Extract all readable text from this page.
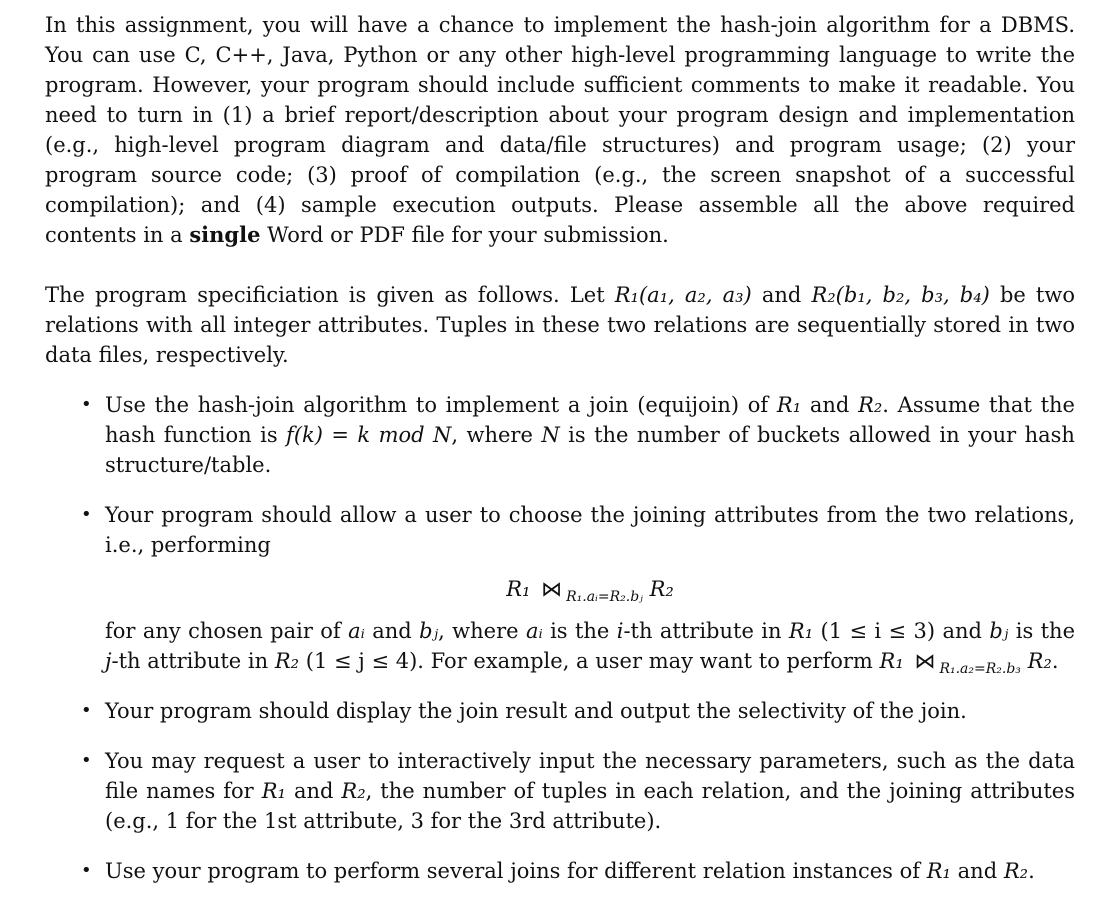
In this assignment, you will have a chance to implement the hash-join algorithm for a DBMS. You can use C, C++, Java, Python or any other high-level programming language to write the program. However, your program should include sufficient comments to make it readable. You need to turn in (1) a brief report/description about your program design and implementation (e.g., high-level program diagram and data/file structures) and program usage; (2) your program source code; (3) proof of compilation (e.g., the screen snapshot of a successful compilation); and (4) sample execution outputs. Please assemble all the above required contents in a single Word or PDF file for your submission.

The program specificiation is given as follows. Let R₁(a₁, a₂, a₃) and R₂(b₁, b₂, b₃, b₄) be two relations with all integer attributes. Tuples in these two relations are sequentially stored in two data files, respectively.

• Use the hash-join algorithm to implement a join (equijoin) of R₁ and R₂. Assume that the hash function is f(k) = k mod N, where N is the number of buckets allowed in your hash structure/table.
• Your program should allow a user to choose the joining attributes from the two relations, i.e., performing
R₁ ⋈ $_{R_1.aᵢ=R_2.bⱼ}$ R₂
for any chosen pair of aᵢ and bⱼ, where aᵢ is the i-th attribute in R₁ (1 ≤ i ≤ 3) and bⱼ is the j-th attribute in R₂ (1 ≤ j ≤ 4). For example, a user may want to perform R₁ ⋈ $_{R_1.a_2=R_2.b_3}$ R₂.
• Your program should display the join result and output the selectivity of the join.
• You may request a user to interactively input the necessary parameters, such as the data file names for R₁ and R₂, the number of tuples in each relation, and the joining attributes (e.g., 1 for the 1st attribute, 3 for the 3rd attribute).
• Use your program to perform several joins for different relation instances of R₁ and R₂.
